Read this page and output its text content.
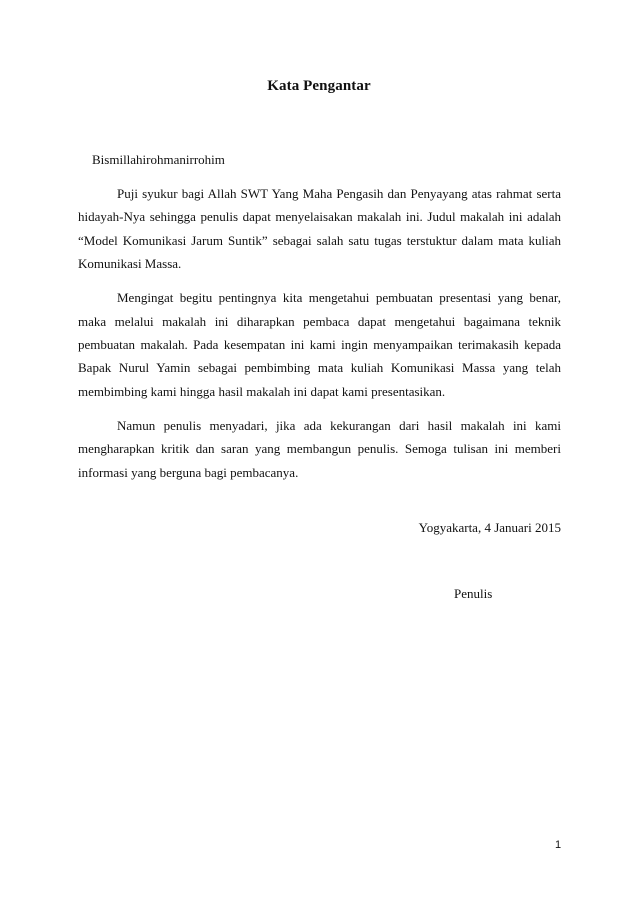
Kata Pengantar
Bismillahirohmanirrohim

Puji syukur bagi Allah SWT Yang Maha Pengasih dan Penyayang atas rahmat serta hidayah-Nya sehingga penulis dapat menyelaisakan makalah ini. Judul makalah ini adalah “Model Komunikasi Jarum Suntik” sebagai salah satu tugas terstuktur dalam mata kuliah Komunikasi Massa.

Mengingat begitu pentingnya kita mengetahui pembuatan presentasi yang benar, maka melalui makalah ini diharapkan pembaca dapat mengetahui bagaimana teknik pembuatan makalah. Pada kesempatan ini kami ingin menyampaikan terimakasih kepada Bapak Nurul Yamin sebagai pembimbing mata kuliah Komunikasi Massa yang telah membimbing kami hingga hasil makalah ini dapat kami presentasikan.

Namun penulis menyadari, jika ada kekurangan dari hasil makalah ini kami mengharapkan kritik dan saran yang membangun penulis. Semoga tulisan ini memberi informasi yang berguna bagi pembacanya.

Yogyakarta, 4 Januari 2015
Penulis
1
